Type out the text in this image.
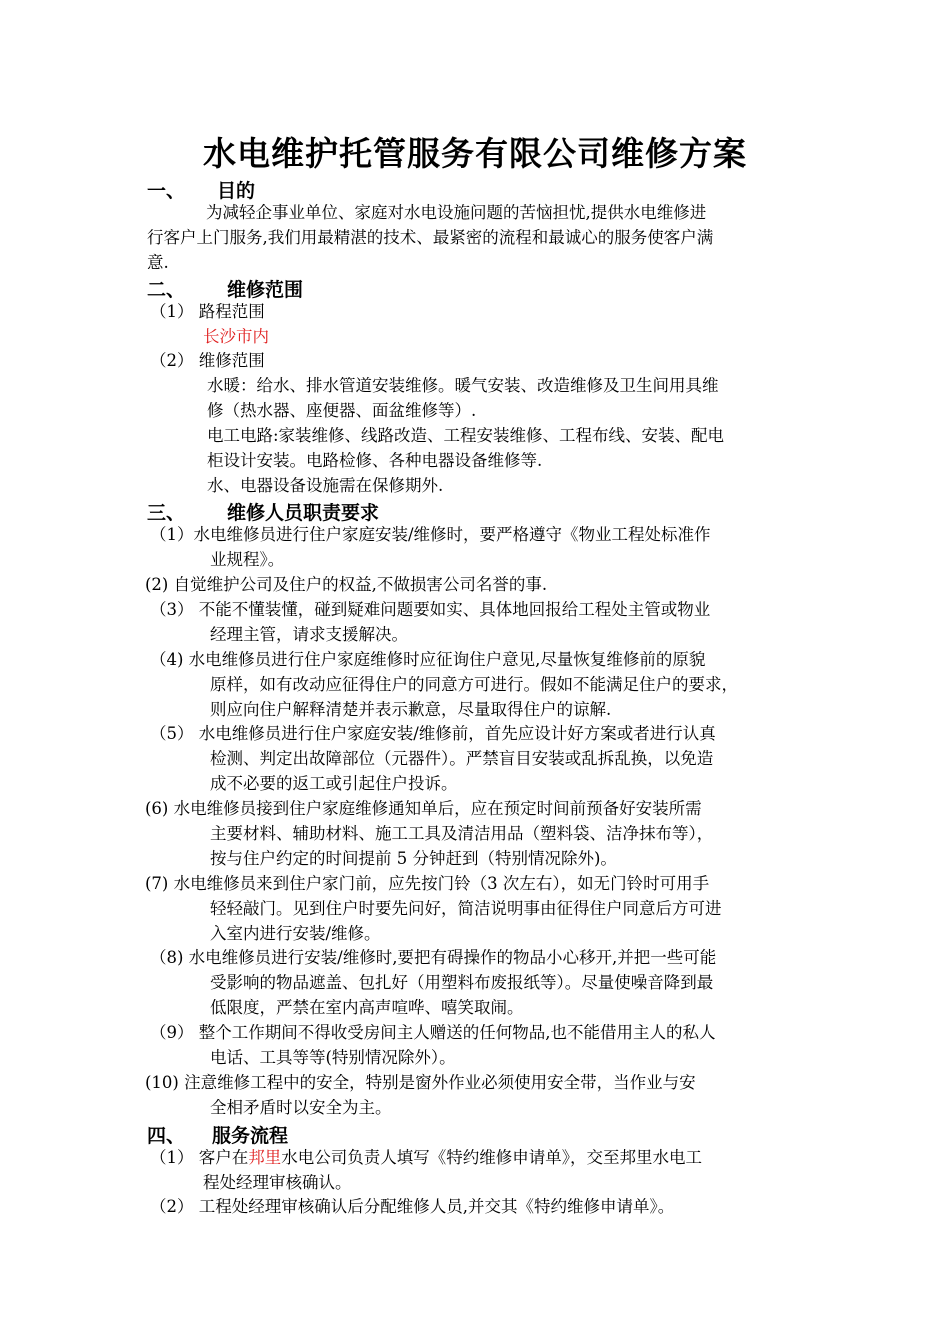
水电维护托管服务有限公司维修方案
一、 目的
为减轻企事业单位、家庭对水电设施问题的苦恼担忧,提供水电维修进
行客户上门服务,我们用最精湛的技术、最紧密的流程和最诚心的服务使客户满
意.
二、 维修范围
（1） 路程范围
长沙市内
（2） 维修范围
水暖：给水、排水管道安装维修。暖气安装、改造维修及卫生间用具维
修（热水器、座便器、面盆维修等）.
电工电路:家装维修、线路改造、工程安装维修、工程布线、安装、配电
柜设计安装。电路检修、各种电器设备维修等.
水、电器设备设施需在保修期外.
三、 维修人员职责要求
（1）水电维修员进行住户家庭安装/维修时，要严格遵守《物业工程处标准作
业规程》。
(2) 自觉维护公司及住户的权益,不做损害公司名誉的事.
（3） 不能不懂装懂，碰到疑难问题要如实、具体地回报给工程处主管或物业
经理主管，请求支援解决。
（4) 水电维修员进行住户家庭维修时应征询住户意见,尽量恢复维修前的原貌
原样，如有改动应征得住户的同意方可进行。假如不能满足住户的要求，
则应向住户解释清楚并表示歉意，尽量取得住户的谅解.
（5） 水电维修员进行住户家庭安装/维修前，首先应设计好方案或者进行认真
检测、判定出故障部位（元器件）。严禁盲目安装或乱拆乱换，以免造
成不必要的返工或引起住户投诉。
(6) 水电维修员接到住户家庭维修通知单后，应在预定时间前预备好安装所需
主要材料、辅助材料、施工工具及清洁用品（塑料袋、洁净抹布等），
按与住户约定的时间提前 5 分钟赶到（特别情况除外)。
(7) 水电维修员来到住户家门前，应先按门铃（3 次左右），如无门铃时可用手
轻轻敲门。见到住户时要先问好，简洁说明事由征得住户同意后方可进
入室内进行安装/维修。
（8) 水电维修员进行安装/维修时,要把有碍操作的物品小心移开,并把一些可能
受影响的物品遮盖、包扎好（用塑料布废报纸等）。尽量使噪音降到最
低限度，严禁在室内高声喧哗、嘻笑取闹。
（9） 整个工作期间不得收受房间主人赠送的任何物品,也不能借用主人的私人
电话、工具等等(特别情况除外）。
(10) 注意维修工程中的安全，特别是窗外作业必须使用安全带，当作业与安
全相矛盾时以安全为主。
四、 服务流程
（1） 客户在邦里水电公司负责人填写《特约维修申请单》，交至邦里水电工
程处经理审核确认。
（2） 工程处经理审核确认后分配维修人员,并交其《特约维修申请单》。
